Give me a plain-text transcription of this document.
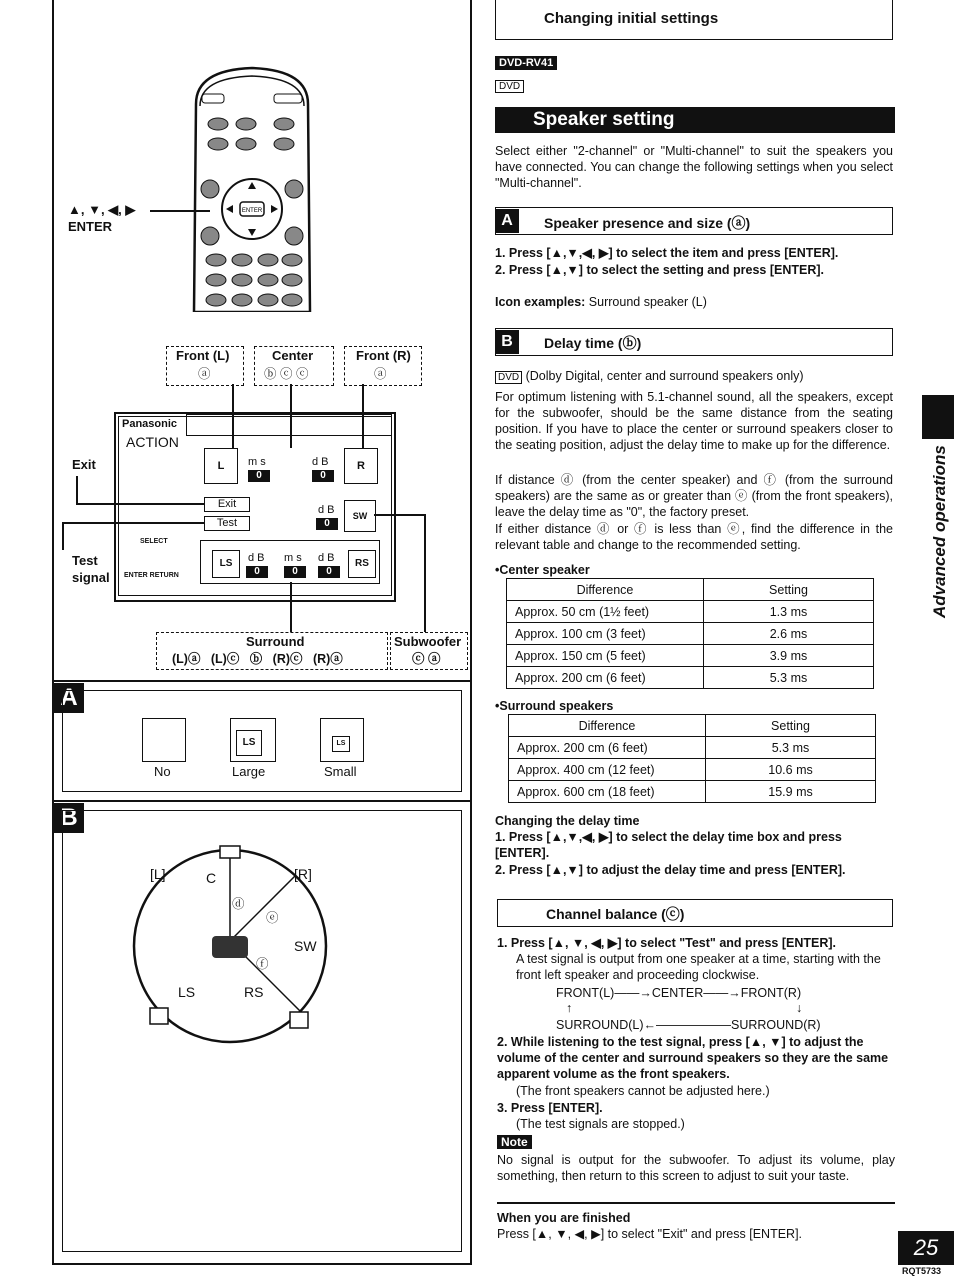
ENTER
▲, ▼, ◀, ▶
ENTER
Front (L)
ⓐ
Center
ⓑ ⓒ ⓒ
Front (R)
ⓐ
Panasonic
ACTION
L	m s	d B
0	0
R
Exit
Test
d B
0
SW
SELECT
ENTER RETURN
LS	d B m s d B
0	0	0
RS
Exit
Test
signal
Surround
(L)ⓐ   (L)ⓒ   ⓑ   (R)ⓒ   (R)ⓐ
Subwoofer
ⓒ ⓐ
A
LS	LS
No	Large	Small
B
[L]	C	[R]
ⓓ
ⓔ
SW
ⓕ
LS	RS
Changing initial settings
DVD-RV41
DVD
Speaker setting
Select either "2-channel" or "Multi-channel" to suit the speakers you have connected. You can change the following settings when you select "Multi-channel".
A	Speaker presence and size (ⓐ)
1. Press [▲,▼,◀, ▶] to select the item and press [ENTER].
2. Press [▲,▼] to select the setting and press [ENTER].
Icon examples: Surround speaker (L)
B	Delay time (ⓑ)
DVD (Dolby Digital, center and surround speakers only)
For optimum listening with 5.1-channel sound, all the speakers, except for the subwoofer, should be the same distance from the seating position. If you have to place the center or surround speakers closer to the seating position, adjust the delay time to make up for the difference.
If distance ⓓ (from the center speaker) and ⓕ (from the surround speakers) are the same as or greater than ⓔ (from the front speakers), leave the delay time as "0", the factory preset.
If either distance ⓓ or ⓕ is less than ⓔ, find the difference in the relevant table and change to the recommended setting.
•Center speaker
Difference	Setting
Approx. 50 cm (1½ feet)	1.3 ms
Approx. 100 cm (3 feet)	2.6 ms
Approx. 150 cm (5 feet)	3.9 ms
Approx. 200 cm (6 feet)	5.3 ms
•Surround speakers
Difference	Setting
Approx. 200 cm (6 feet)	5.3 ms
Approx. 400 cm (12 feet)	10.6 ms
Approx. 600 cm (18 feet)	15.9 ms
Changing the delay time
1. Press [▲,▼,◀, ▶] to select the delay time box and press [ENTER].
2. Press [▲,▼] to adjust the delay time and press [ENTER].
Channel balance (ⓒ)
1. Press [▲, ▼, ◀, ▶] to select "Test" and press [ENTER].
A test signal is output from one speaker at a time, starting with the front left speaker and proceeding clockwise.
FRONT(L)——→CENTER——→FRONT(R)
↑	↓
SURROUND(L)←——————SURROUND(R)
2. While listening to the test signal, press [▲, ▼] to adjust the volume of the center and surround speakers so they are the same apparent volume as the front speakers.
(The front speakers cannot be adjusted here.)
3. Press [ENTER].
(The test signals are stopped.)
Note
No signal is output for the subwoofer. To adjust its volume, play something, then return to this screen to adjust to suit your taste.
When you are finished
Press [▲, ▼, ◀, ▶] to select "Exit" and press [ENTER].
Advanced operations
25
RQT5733
